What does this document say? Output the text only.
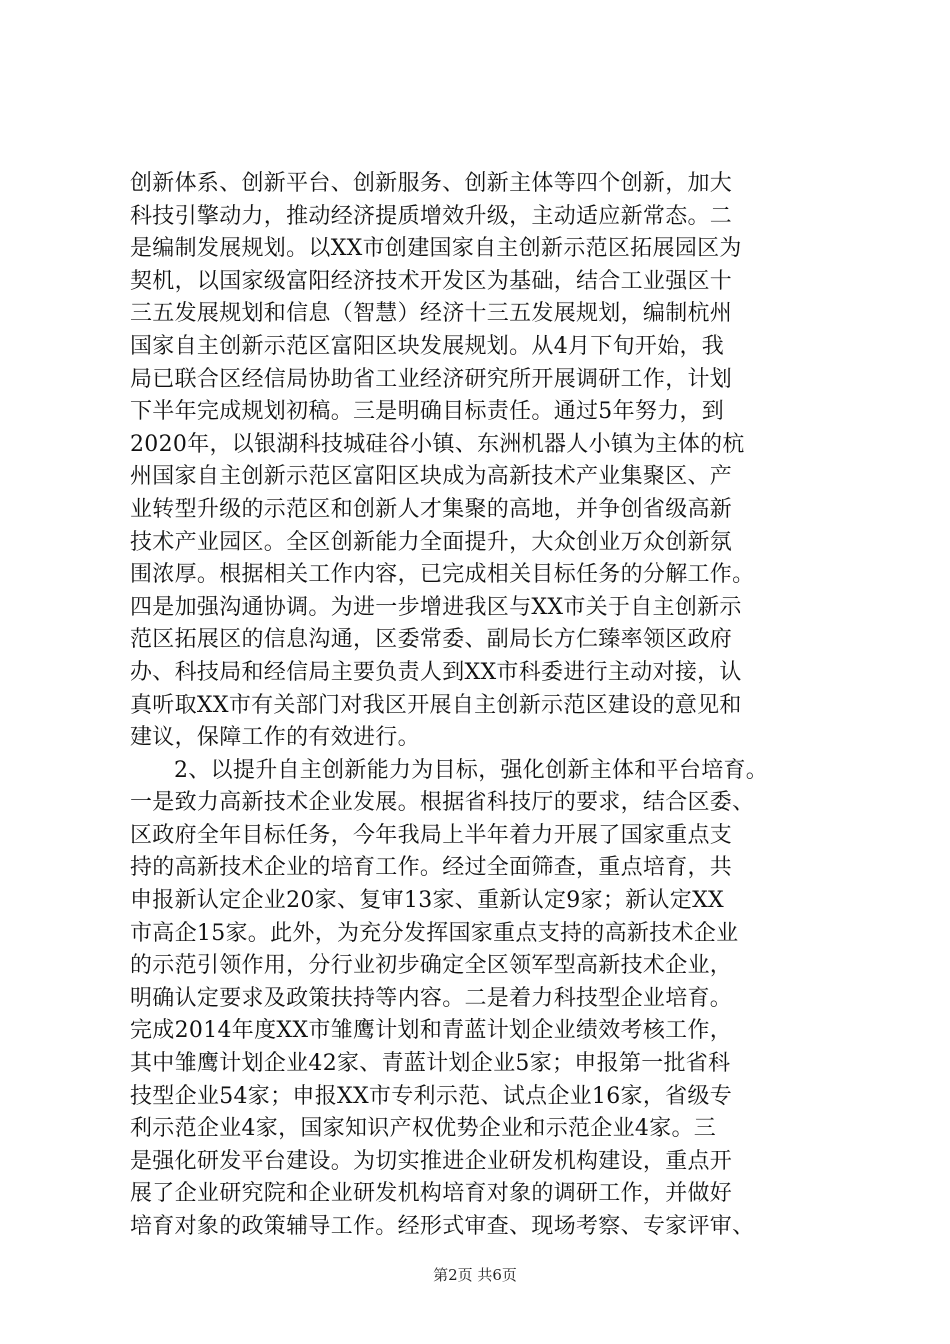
创新体系、创新平台、创新服务、创新主体等四个创新，加大
科技引擎动力，推动经济提质增效升级，主动适应新常态。二
是编制发展规划。以XX市创建国家自主创新示范区拓展园区为
契机，以国家级富阳经济技术开发区为基础，结合工业强区十
三五发展规划和信息（智慧）经济十三五发展规划，编制杭州
国家自主创新示范区富阳区块发展规划。从4月下旬开始，我
局已联合区经信局协助省工业经济研究所开展调研工作，计划
下半年完成规划初稿。三是明确目标责任。通过5年努力，到
2020年，以银湖科技城硅谷小镇、东洲机器人小镇为主体的杭
州国家自主创新示范区富阳区块成为高新技术产业集聚区、产
业转型升级的示范区和创新人才集聚的高地，并争创省级高新
技术产业园区。全区创新能力全面提升，大众创业万众创新氛
围浓厚。根据相关工作内容，已完成相关目标任务的分解工作。
四是加强沟通协调。为进一步增进我区与XX市关于自主创新示
范区拓展区的信息沟通，区委常委、副局长方仁臻率领区政府
办、科技局和经信局主要负责人到XX市科委进行主动对接，认
真听取XX市有关部门对我区开展自主创新示范区建设的意见和
建议，保障工作的有效进行。
2、以提升自主创新能力为目标，强化创新主体和平台培育。
一是致力高新技术企业发展。根据省科技厅的要求，结合区委、
区政府全年目标任务，今年我局上半年着力开展了国家重点支
持的高新技术企业的培育工作。经过全面筛查，重点培育，共
申报新认定企业20家、复审13家、重新认定9家；新认定XX
市高企15家。此外，为充分发挥国家重点支持的高新技术企业
的示范引领作用，分行业初步确定全区领军型高新技术企业，
明确认定要求及政策扶持等内容。二是着力科技型企业培育。
完成2014年度XX市雏鹰计划和青蓝计划企业绩效考核工作，
其中雏鹰计划企业42家、青蓝计划企业5家；申报第一批省科
技型企业54家；申报XX市专利示范、试点企业16家，省级专
利示范企业4家，国家知识产权优势企业和示范企业4家。三
是强化研发平台建设。为切实推进企业研发机构建设，重点开
展了企业研究院和企业研发机构培育对象的调研工作，并做好
培育对象的政策辅导工作。经形式审查、现场考察、专家评审、
第2页 共6页
